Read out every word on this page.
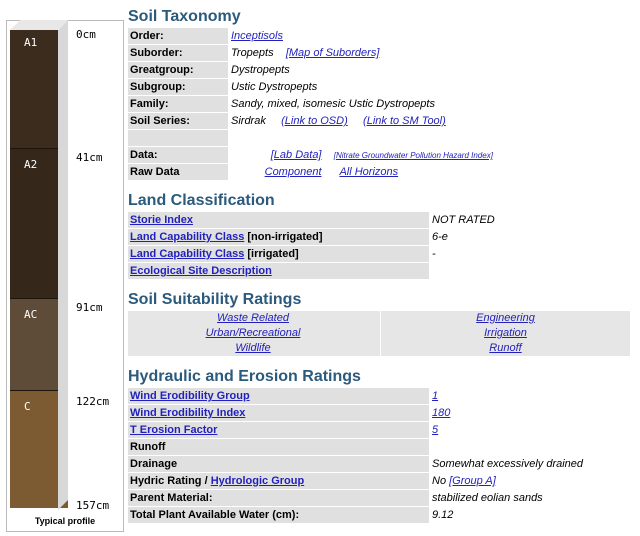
A1
A2
AC
C
0cm
41cm
91cm
122cm
157cm
Typical profile
Soil Taxonomy
Order:	Inceptisols
Suborder:	Tropepts [Map of Suborders]
Greatgroup:	Dystropepts
Subgroup:	Ustic Dystropepts
Family:	Sandy, mixed, isomesic Ustic Dystropepts
Soil Series:	Sirdrak (Link to OSD) (Link to SM Tool)
Data:	[Lab Data] [Nitrate Groundwater Pollution Hazard Index]
Raw Data	Component All Horizons
Land Classification
Storie Index	NOT RATED
Land Capability Class [non-irrigated]	6-e
Land Capability Class [irrigated]	-
Ecological Site Description
Soil Suitability Ratings
Waste Related	Engineering
Urban/Recreational	Irrigation
Wildlife	Runoff
Hydraulic and Erosion Ratings
Wind Erodibility Group	1
Wind Erodibility Index	180
T Erosion Factor	5
Runoff
Drainage	Somewhat excessively drained
Hydric Rating / Hydrologic Group	No [Group A]
Parent Material:	stabilized eolian sands
Total Plant Available Water (cm):	9.12
